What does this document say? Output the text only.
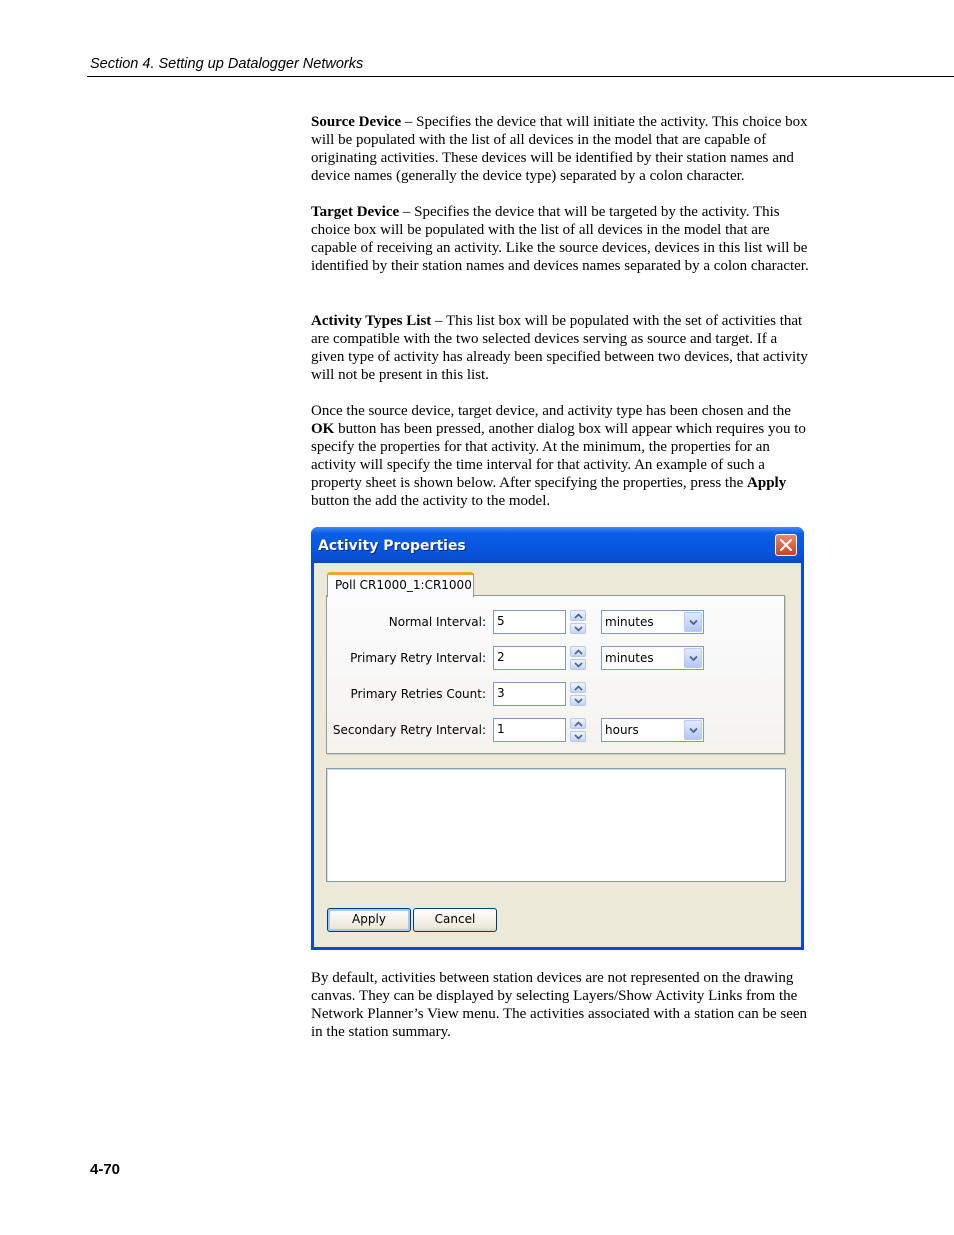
Section 4. Setting up Datalogger Networks

Source Device – Specifies the device that will initiate the activity. This choice box will be populated with the list of all devices in the model that are capable of originating activities. These devices will be identified by their station names and device names (generally the device type) separated by a colon character.

Target Device – Specifies the device that will be targeted by the activity. This choice box will be populated with the list of all devices in the model that are capable of receiving an activity. Like the source devices, devices in this list will be identified by their station names and devices names separated by a colon character.

Activity Types List – This list box will be populated with the set of activities that are compatible with the two selected devices serving as source and target. If a given type of activity has already been specified between two devices, that activity will not be present in this list.

Once the source device, target device, and activity type has been chosen and the OK button has been pressed, another dialog box will appear which requires you to specify the properties for that activity. At the minimum, the properties for an activity will specify the time interval for that activity. An example of such a property sheet is shown below. After specifying the properties, press the Apply button the add the activity to the model.

Activity Properties
Poll CR1000_1:CR1000
Normal Interval: 5	minutes
Primary Retry Interval: 2	minutes
Primary Retries Count: 3
Secondary Retry Interval: 1	hours
Apply	Cancel

By default, activities between station devices are not represented on the drawing canvas. They can be displayed by selecting Layers/Show Activity Links from the Network Planner’s View menu. The activities associated with a station can be seen in the station summary.

4-70
